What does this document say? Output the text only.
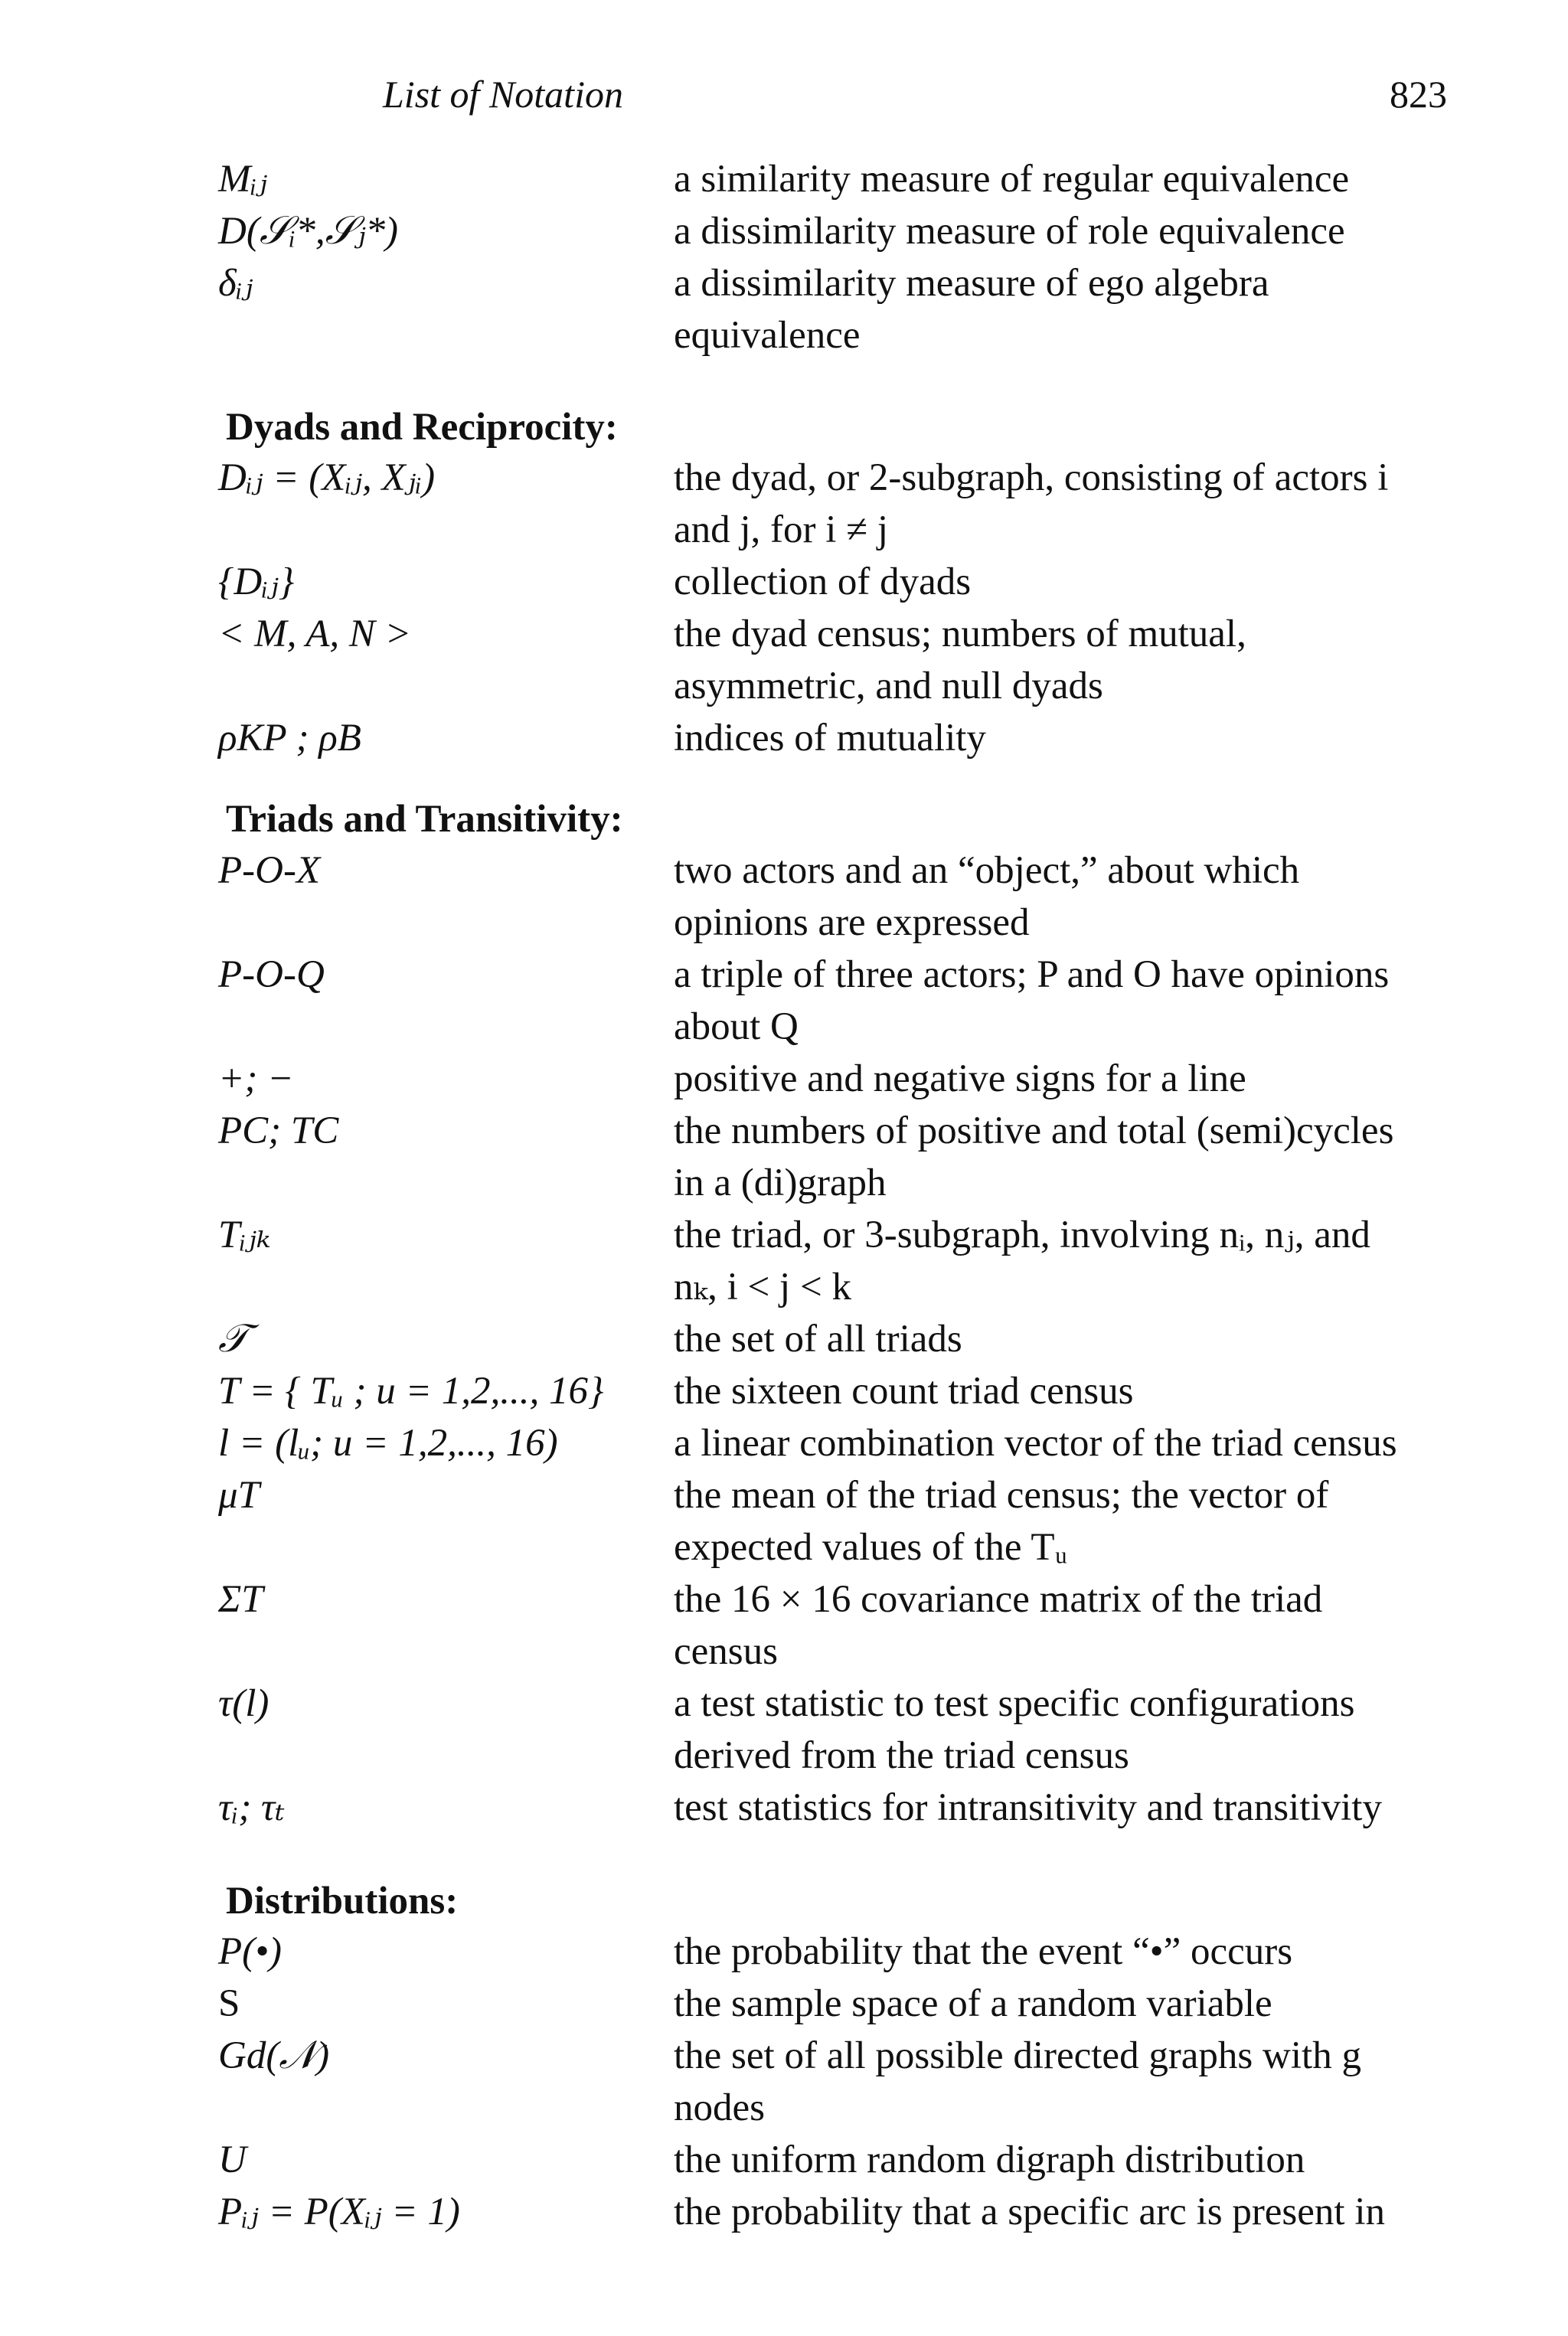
List of Notation	823
Dyads and Reciprocity:
Triads and Transitivity:
Distributions:
Mᵢⱼ	a similarity measure of regular equivalence
D(𝒮ᵢ*,𝒮ⱼ*)	a dissimilarity measure of role equivalence
δᵢⱼ	a dissimilarity measure of ego algebra
equivalence
Dᵢⱼ = (Xᵢⱼ, Xⱼᵢ)	the dyad, or 2-subgraph, consisting of actors i
and j, for i ≠ j
{Dᵢⱼ}	collection of dyads
< M, A, N >	the dyad census; numbers of mutual,
asymmetric, and null dyads
ρKP ; ρB	indices of mutuality
P-O-X	two actors and an “object,” about which
opinions are expressed
P-O-Q	a triple of three actors; P and O have opinions
about Q
+; −	positive and negative signs for a line
PC; TC	the numbers of positive and total (semi)cycles
in a (di)graph
Tᵢⱼₖ	the triad, or 3-subgraph, involving nᵢ, nⱼ, and
nₖ, i < j < k
𝒯	the set of all triads
T = { Tᵤ ; u = 1,2,..., 16} the sixteen count triad census
l = (lᵤ; u = 1,2,..., 16)	a linear combination vector of the triad census
μT	the mean of the triad census; the vector of
expected values of the Tᵤ
ΣT	the 16 × 16 covariance matrix of the triad
census
τ(l)	a test statistic to test specific configurations
derived from the triad census
τᵢ; τₜ	test statistics for intransitivity and transitivity
P(•)	the probability that the event “•” occurs
S	the sample space of a random variable
Gd(𝒩)	the set of all possible directed graphs with g
nodes
U	the uniform random digraph distribution
Pᵢⱼ = P(Xᵢⱼ = 1)	the probability that a specific arc is present in
